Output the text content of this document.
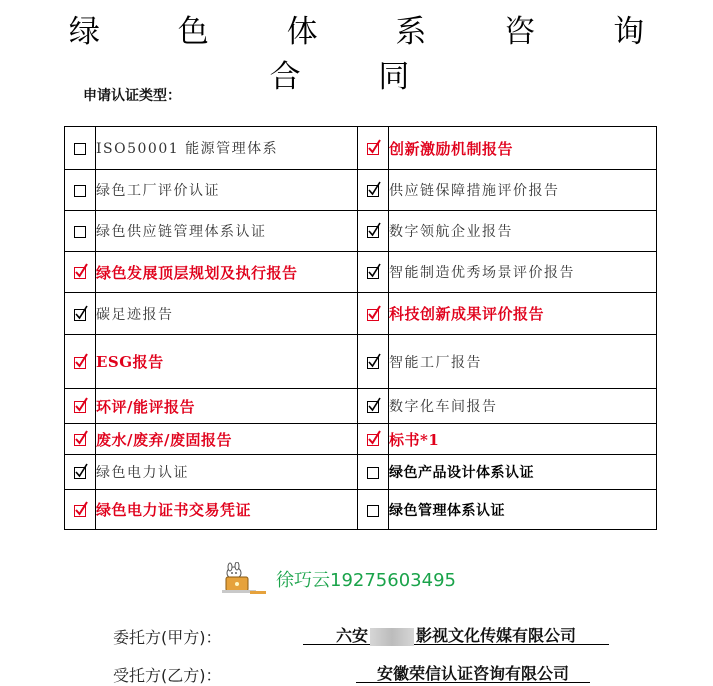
绿 色 体 系 咨 询 合 同
申请认证类型：
	ISO50001 能源管理体系		创新激励机制报告
	绿色工厂评价认证		供应链保障措施评价报告
	绿色供应链管理体系认证		数字领航企业报告

	绿色发展顶层规划及执行报告		智能制造优秀场景评价报告

	碳足迹报告		科技创新成果评价报告

	ESG报告		智能工厂报告

	环评/能评报告		数字化车间报告

	废水/废弃/废固报告		标书*1

	绿色电力认证		绿色产品设计体系认证

	绿色电力证书交易凭证		绿色管理体系认证
徐巧云19275603495
委托方(甲方)：	六安	影视文化传媒有限公司
受托方(乙方)：	安徽荣信认证咨询有限公司
